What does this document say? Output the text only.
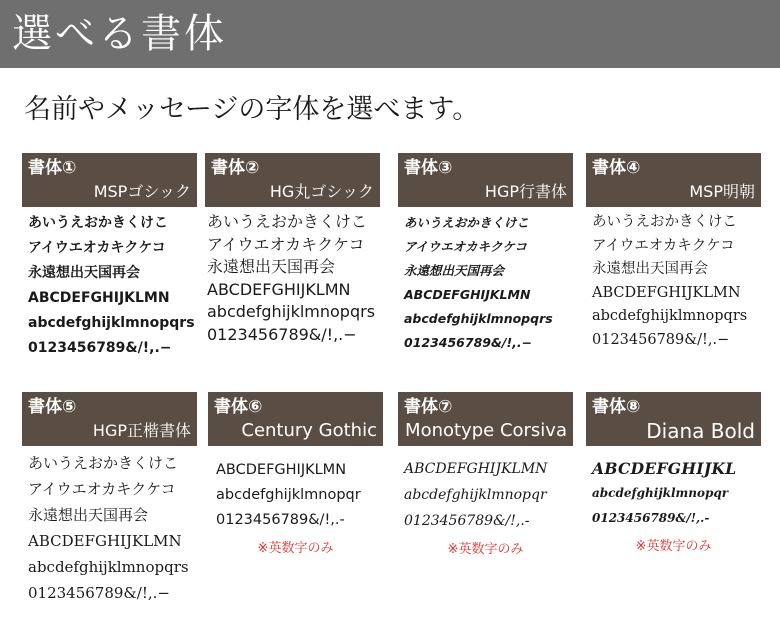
選べる書体
名前やメッセージの字体を選べます。
書体①
MSPゴシック
あいうえおかきくけこ
アイウエオカキクケコ
永遠想出天国再会
ABCDEFGHIJKLMN
abcdefghijklmnopqrs
0123456789&/!,.−
書体②
HG丸ゴシック
あいうえおかきくけこ
アイウエオカキクケコ
永遠想出天国再会
ABCDEFGHIJKLMN
abcdefghijklmnopqrs
0123456789&/!,.−
書体③
HGP行書体
あいうえおかきくけこ
アイウエオカキクケコ
永遠想出天国再会
ABCDEFGHIJKLMN
abcdefghijklmnopqrs
0123456789&/!,.−
書体④
MSP明朝
あいうえおかきくけこ
アイウエオカキクケコ
永遠想出天国再会
ABCDEFGHIJKLMN
abcdefghijklmnopqrs
0123456789&/!,.−
書体⑤
HGP正楷書体
あいうえおかきくけこ
アイウエオカキクケコ
永遠想出天国再会
ABCDEFGHIJKLMN
abcdefghijklmnopqrs
0123456789&/!,.−
書体⑥
Century Gothic
ABCDEFGHIJKLMN
abcdefghijklmnopqr
0123456789&/!,.-
※英数字のみ
書体⑦
Monotype Corsiva
ABCDEFGHIJKLMN
abcdefghijklmnopqr
0123456789&/!,.-
※英数字のみ
書体⑧
Diana Bold
ABCDEFGHIJKL
abcdefghijklmnopqr
0123456789&/!,.-
※英数字のみ
